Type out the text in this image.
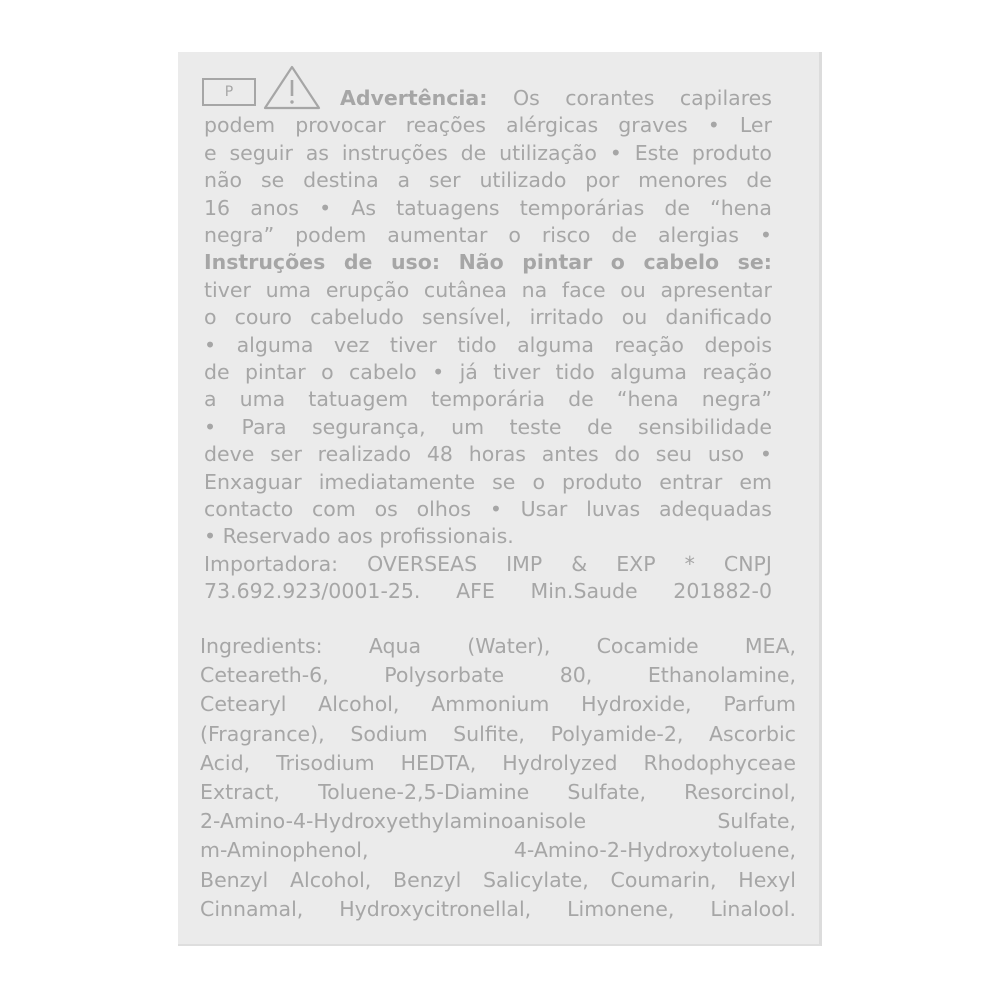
P	Advertência: Os corantes capilares
podem provocar reações alérgicas graves • Ler
e seguir as instruções de utilização • Este produto
não se destina a ser utilizado por menores de
16 anos • As tatuagens temporárias de “hena
negra” podem aumentar o risco de alergias •
Instruções de uso: Não pintar o cabelo se:
tiver uma erupção cutânea na face ou apresentar
o couro cabeludo sensível, irritado ou danificado
• alguma vez tiver tido alguma reação depois
de pintar o cabelo • já tiver tido alguma reação
a uma tatuagem temporária de “hena negra”
• Para segurança, um teste de sensibilidade
deve ser realizado 48 horas antes do seu uso •
Enxaguar imediatamente se o produto entrar em
contacto com os olhos • Usar luvas adequadas
• Reservado aos profissionais.
Importadora: OVERSEAS IMP & EXP * CNPJ
73.692.923/0001-25. AFE Min.Saude 201882-0
Ingredients: Aqua (Water), Cocamide MEA,
Ceteareth-6,	Polysorbate	80,	Ethanolamine,
Cetearyl Alcohol, Ammonium Hydroxide, Parfum
(Fragrance), Sodium Sulfite, Polyamide-2, Ascorbic
Acid, Trisodium HEDTA, Hydrolyzed Rhodophyceae
Extract, Toluene-2,5-Diamine Sulfate, Resorcinol,
2-Amino-4-Hydroxyethylaminoanisole	Sulfate,
m-Aminophenol,	4-Amino-2-Hydroxytoluene,
Benzyl Alcohol, Benzyl Salicylate, Coumarin, Hexyl
Cinnamal, Hydroxycitronellal, Limonene, Linalool.
